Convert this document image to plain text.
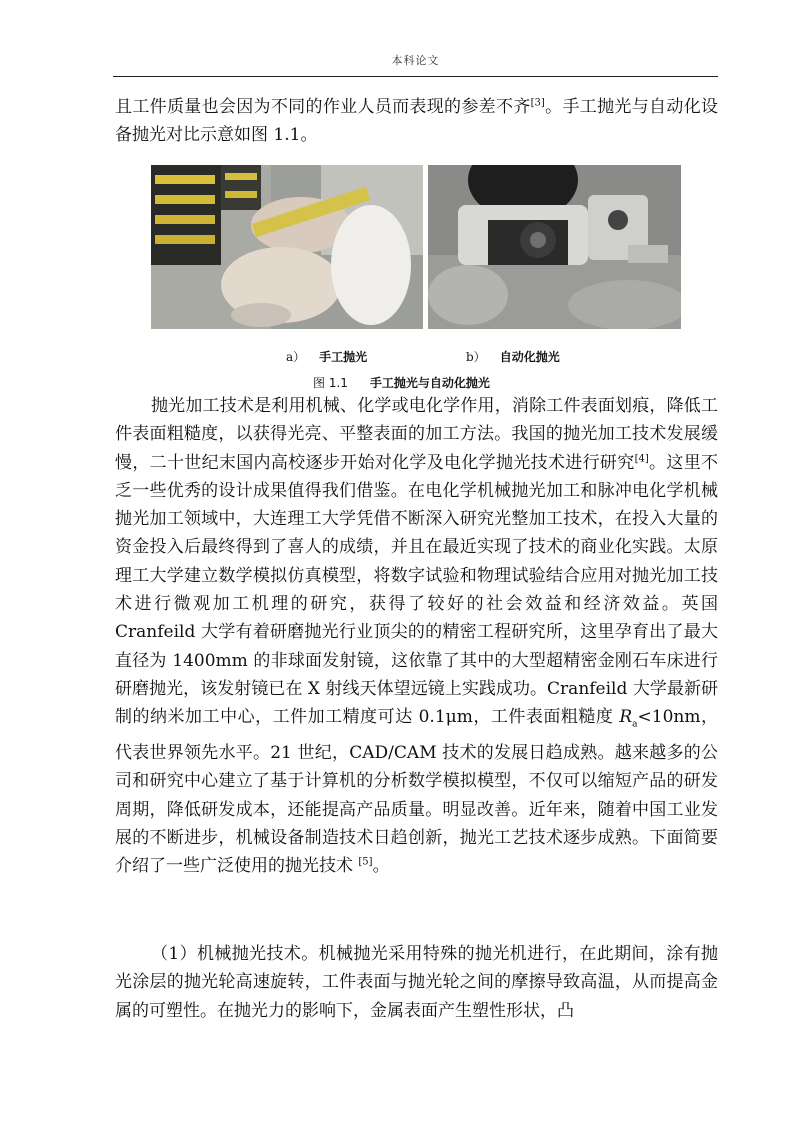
本科论文

且工件质量也会因为不同的作业人员而表现的参差不齐[3]。手工抛光与自动化设备抛光对比示意如图 1.1。

a） 手工抛光	b） 自动化抛光
图 1.1 手工抛光与自动化抛光

抛光加工技术是利用机械、化学或电化学作用，消除工件表面划痕，降低工件表面粗糙度，以获得光亮、平整表面的加工方法。我国的抛光加工技术发展缓慢，二十世纪末国内高校逐步开始对化学及电化学抛光技术进行研究[4]。这里不乏一些优秀的设计成果值得我们借鉴。在电化学机械抛光加工和脉冲电化学机械抛光加工领域中，大连理工大学凭借不断深入研究光整加工技术，在投入大量的资金投入后最终得到了喜人的成绩，并且在最近实现了技术的商业化实践。太原理工大学建立数学模拟仿真模型，将数字试验和物理试验结合应用对抛光加工技术进行微观加工机理的研究，获得了较好的社会效益和经济效益。英国 Cranfeild 大学有着研磨抛光行业顶尖的的精密工程研究所，这里孕育出了最大直径为 1400mm 的非球面发射镜，这依靠了其中的大型超精密金刚石车床进行研磨抛光，该发射镜已在 X 射线天体望远镜上实践成功。Cranfeild 大学最新研制的纳米加工中心，工件加工精度可达 0.1μm，工件表面粗糙度 $R_a<10nm$，代表世界领先水平。21 世纪，CAD/CAM 技术的发展日趋成熟。越来越多的公司和研究中心建立了基于计算机的分析数学模拟模型，不仅可以缩短产品的研发周期，降低研发成本，还能提高产品质量。明显改善。近年来，随着中国工业发展的不断进步，机械设备制造技术日趋创新，抛光工艺技术逐步成熟。下面简要介绍了一些广泛使用的抛光技术 [5]。

（1）机械抛光技术。机械抛光采用特殊的抛光机进行，在此期间，涂有抛光涂层的抛光轮高速旋转，工件表面与抛光轮之间的摩擦导致高温，从而提高金属的可塑性。在抛光力的影响下，金属表面产生塑性形状，凸
